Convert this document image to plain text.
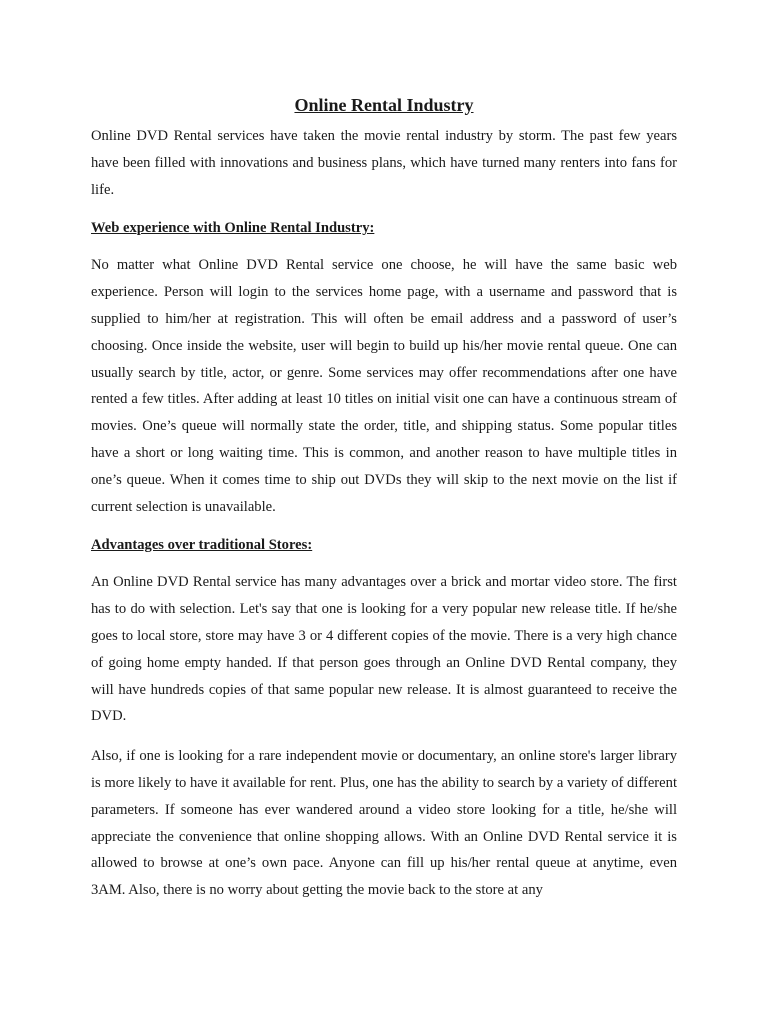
Online Rental Industry

Online DVD Rental services have taken the movie rental industry by storm. The past few years have been filled with innovations and business plans, which have turned many renters into fans for life.

Web experience with Online Rental Industry:

No matter what Online DVD Rental service one choose, he will have the same basic web experience. Person will login to the services home page, with a username and password that is supplied to him/her at registration. This will often be email address and a password of user’s choosing. Once inside the website, user will begin to build up his/her movie rental queue. One can usually search by title, actor, or genre. Some services may offer recommendations after one have rented a few titles. After adding at least 10 titles on initial visit one can have a continuous stream of movies. One’s queue will normally state the order, title, and shipping status. Some popular titles have a short or long waiting time. This is common, and another reason to have multiple titles in one’s queue. When it comes time to ship out DVDs they will skip to the next movie on the list if current selection is unavailable.

Advantages over traditional Stores:

An Online DVD Rental service has many advantages over a brick and mortar video store. The first has to do with selection. Let's say that one is looking for a very popular new release title. If he/she goes to local store, store may have 3 or 4 different copies of the movie. There is a very high chance of going home empty handed. If that person goes through an Online DVD Rental company, they will have hundreds copies of that same popular new release. It is almost guaranteed to receive the DVD.

Also, if one is looking for a rare independent movie or documentary, an online store's larger library is more likely to have it available for rent. Plus, one has the ability to search by a variety of different parameters. If someone has ever wandered around a video store looking for a title, he/she will appreciate the convenience that online shopping allows. With an Online DVD Rental service it is allowed to browse at one’s own pace. Anyone can fill up his/her rental queue at anytime, even 3AM. Also, there is no worry about getting the movie back to the store at any
